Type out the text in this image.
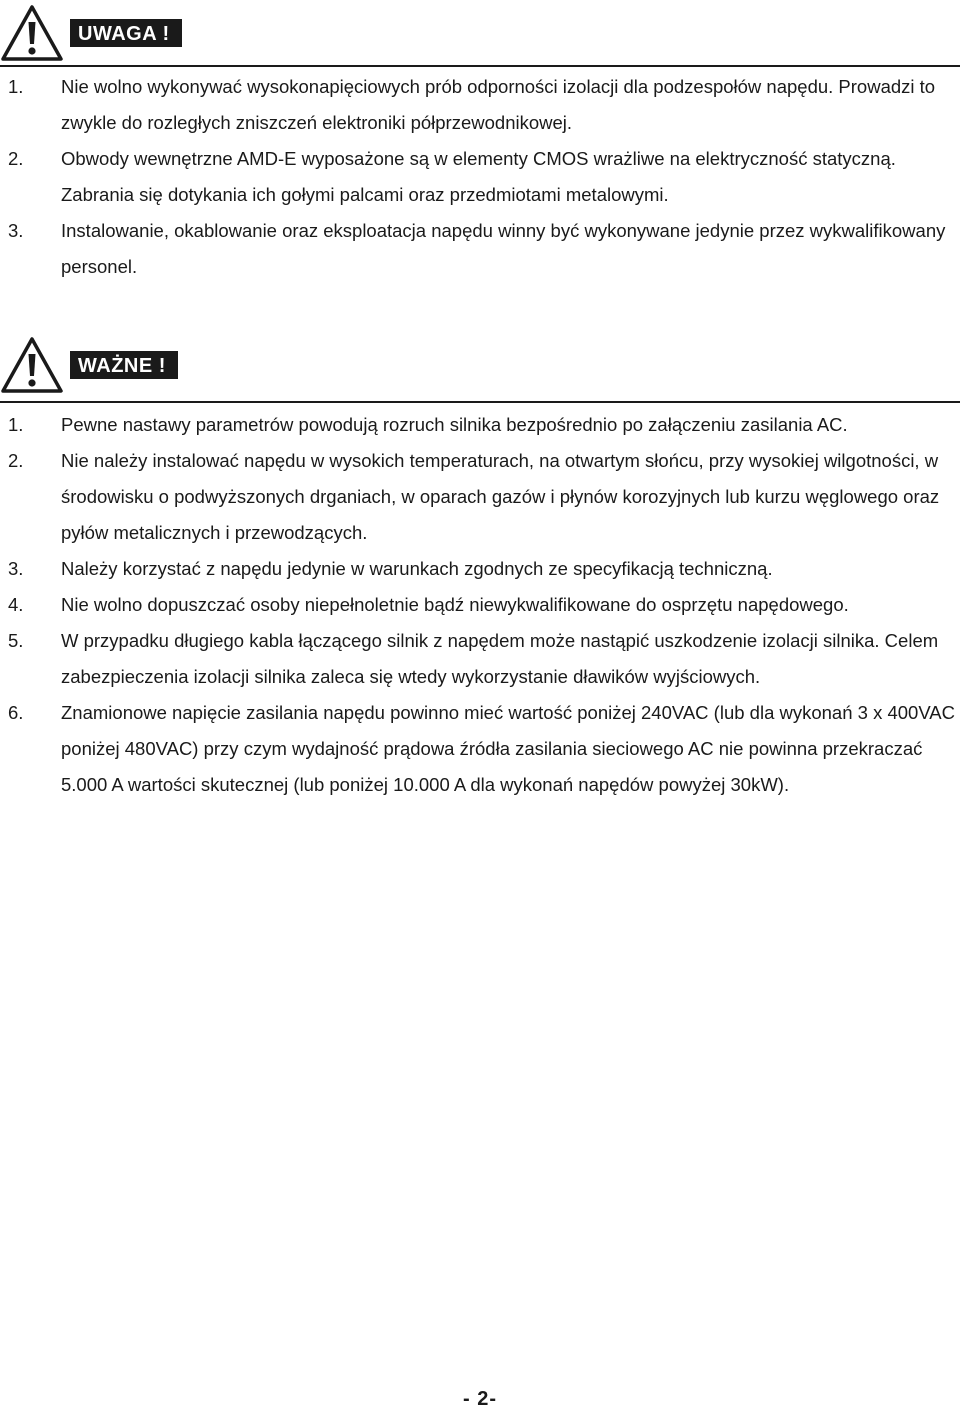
UWAGA !
1. Nie wolno wykonywać wysokonapięciowych prób odporności izolacji dla podzespołów napędu. Prowadzi to zwykle do rozległych zniszczeń elektroniki półprzewodnikowej.
2. Obwody wewnętrzne AMD-E wyposażone są w elementy CMOS wrażliwe na elektryczność statyczną. Zabrania się dotykania ich gołymi palcami oraz przedmiotami metalowymi.
3. Instalowanie, okablowanie oraz eksploatacja napędu winny być wykonywane jedynie przez wykwalifikowany personel.
WAŻNE !
1. Pewne nastawy parametrów powodują rozruch silnika bezpośrednio po załączeniu zasilania AC.
2. Nie należy instalować napędu w wysokich temperaturach, na otwartym słońcu, przy wysokiej wilgotności, w środowisku o podwyższonych drganiach, w oparach gazów i płynów korozyjnych lub kurzu węglowego oraz pyłów metalicznych i przewodzących.
3. Należy korzystać z napędu jedynie w warunkach zgodnych ze specyfikacją techniczną.
4. Nie wolno dopuszczać osoby niepełnoletnie bądź niewykwalifikowane do osprzętu napędowego.
5. W przypadku długiego kabla łączącego silnik z napędem może nastąpić uszkodzenie izolacji silnika. Celem zabezpieczenia izolacji silnika zaleca się wtedy wykorzystanie dławików wyjściowych.
6. Znamionowe napięcie zasilania napędu powinno mieć wartość poniżej 240VAC (lub dla wykonań 3 x 400VAC poniżej 480VAC) przy czym wydajność prądowa źródła zasilania sieciowego AC nie powinna przekraczać 5.000 A wartości skutecznej (lub poniżej 10.000 A dla wykonań napędów powyżej 30kW).
- 2-
